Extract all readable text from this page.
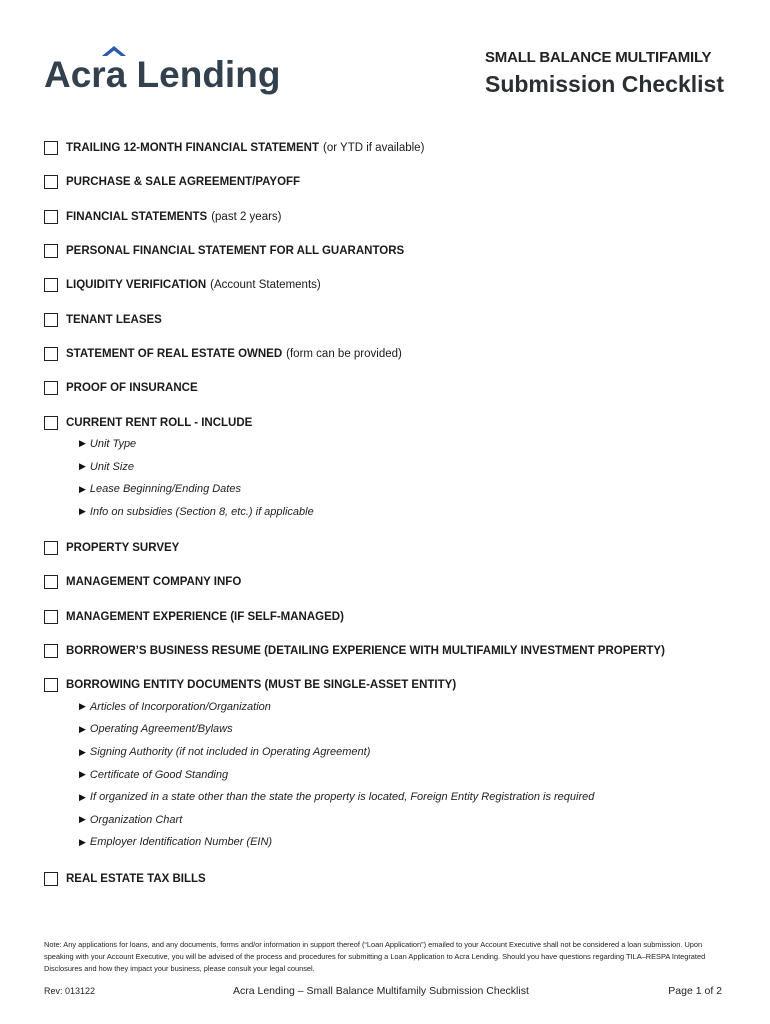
Acra Lending	SMALL BALANCE MULTIFAMILY
Submission Checklist
TRAILING 12-MONTH FINANCIAL STATEMENT (or YTD if available)
PURCHASE & SALE AGREEMENT/PAYOFF
FINANCIAL STATEMENTS (past 2 years)
PERSONAL FINANCIAL STATEMENT FOR ALL GUARANTORS
LIQUIDITY VERIFICATION (Account Statements)
TENANT LEASES
STATEMENT OF REAL ESTATE OWNED (form can be provided)
PROOF OF INSURANCE
CURRENT RENT ROLL - INCLUDE
▶ Unit Type
▶ Unit Size
▶ Lease Beginning/Ending Dates
▶ Info on subsidies (Section 8, etc.) if applicable
PROPERTY SURVEY
MANAGEMENT COMPANY INFO
MANAGEMENT EXPERIENCE (IF SELF-MANAGED)
BORROWER’S BUSINESS RESUME (DETAILING EXPERIENCE WITH MULTIFAMILY INVESTMENT PROPERTY)
BORROWING ENTITY DOCUMENTS (MUST BE SINGLE-ASSET ENTITY)
▶ Articles of Incorporation/Organization
▶ Operating Agreement/Bylaws
▶ Signing Authority (if not included in Operating Agreement)
▶ Certificate of Good Standing
▶ If organized in a state other than the state the property is located, Foreign Entity Registration is required
▶ Organization Chart
▶ Employer Identification Number (EIN)
REAL ESTATE TAX BILLS
Note: Any applications for loans, and any documents, forms and/or information in support thereof (“Loan Application”) emailed to your Account Executive shall not be considered a loan submission. Upon speaking with your Account Executive, you will be advised of the process and procedures for submitting a Loan Application to Acra Lending. Should you have questions regarding TILA–RESPA Integrated Disclosures and how they impact your business, please consult your legal counsel.
Rev: 013122	Acra Lending – Small Balance Multifamily Submission Checklist	Page 1 of 2
